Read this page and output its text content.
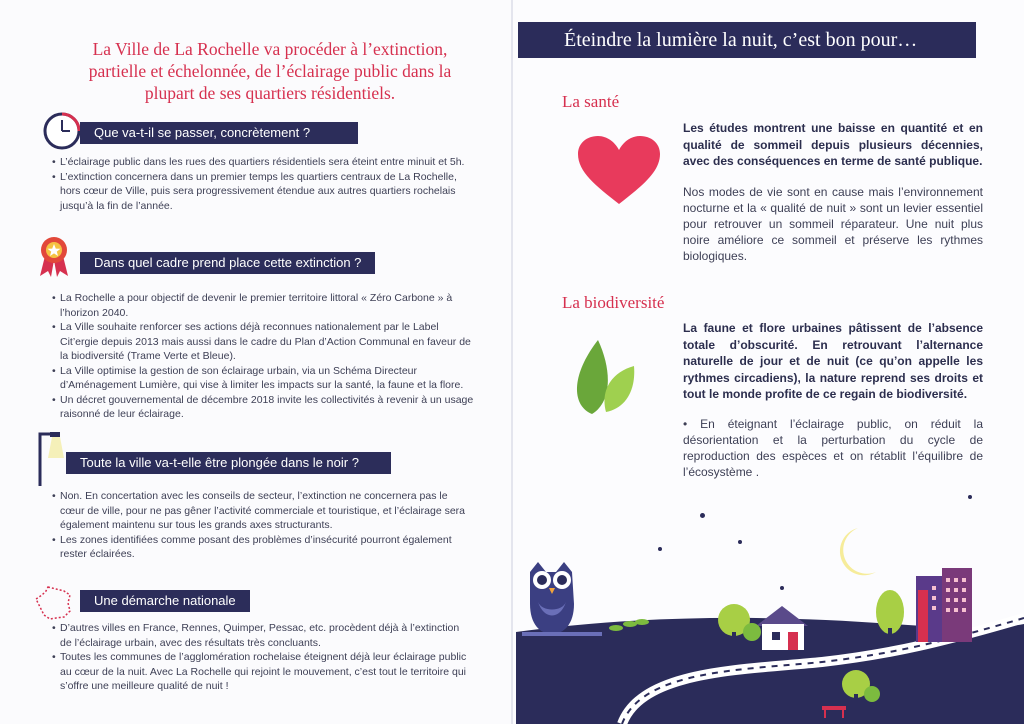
La Ville de La Rochelle va procéder à l’extinction,
partielle et échelonnée, de l’éclairage public dans la
plupart de ses quartiers résidentiels.
Que va-t-il se passer, concrètement ?
• L’éclairage public dans les rues des quartiers résidentiels sera éteint entre minuit et 5h.
• L’extinction concernera dans un premier temps les quartiers centraux de La Rochelle, hors cœur de Ville, puis sera progressivement étendue aux autres quartiers rochelais jusqu’à la fin de l’année.
Dans quel cadre prend place cette extinction ?
• La Rochelle a pour objectif de devenir le premier territoire littoral « Zéro Carbone » à l’horizon 2040.
• La Ville souhaite renforcer ses actions déjà reconnues nationalement par le Label Cit’ergie depuis 2013 mais aussi dans le cadre du Plan d’Action Communal en faveur de la biodiversité (Trame Verte et Bleue).
• La Ville optimise la gestion de son éclairage urbain, via un Schéma Directeur d’Aménagement Lumière, qui vise à limiter les impacts sur la santé, la faune et la flore.
• Un décret gouvernemental de décembre 2018 invite les collectivités à revenir à un usage raisonné de leur éclairage.
Toute la ville va-t-elle être plongée dans le noir ?
• Non. En concertation avec les conseils de secteur, l’extinction ne concernera pas le cœur de ville, pour ne pas gêner l’activité commerciale et touristique, et l’éclairage sera également maintenu sur tous les grands axes structurants.
• Les zones identifiées comme posant des problèmes d’insécurité pourront également rester éclairées.
Une démarche nationale
• D’autres villes en France, Rennes, Quimper, Pessac, etc. procèdent déjà à l’extinction de l’éclairage urbain, avec des résultats très concluants.
• Toutes les communes de l’agglomération rochelaise éteignent déjà leur éclairage public au cœur de la nuit. Avec La Rochelle qui rejoint le mouvement, c’est tout le territoire qui s’offre une meilleure qualité de nuit !
Éteindre la lumière la nuit, c’est bon pour…
La santé
Les études montrent une baisse en quantité et en qualité de sommeil depuis plusieurs décennies, avec des conséquences en terme de santé publique.
Nos modes de vie sont en cause mais l’environnement nocturne et la « qualité de nuit » sont un levier essentiel pour retrouver un sommeil réparateur. Une nuit plus noire améliore ce sommeil et préserve les rythmes biologiques.
La biodiversité
La faune et flore urbaines pâtissent de l’absence totale d’obscurité. En retrouvant l’alternance naturelle de jour et de nuit (ce qu’on appelle les rythmes circadiens), la nature reprend ses droits et tout le monde profite de ce regain de biodiversité.
• En éteignant l’éclairage public, on réduit la désorientation et la perturbation du cycle de reproduction des espèces et on rétablit l’équilibre de l’écosystème .
